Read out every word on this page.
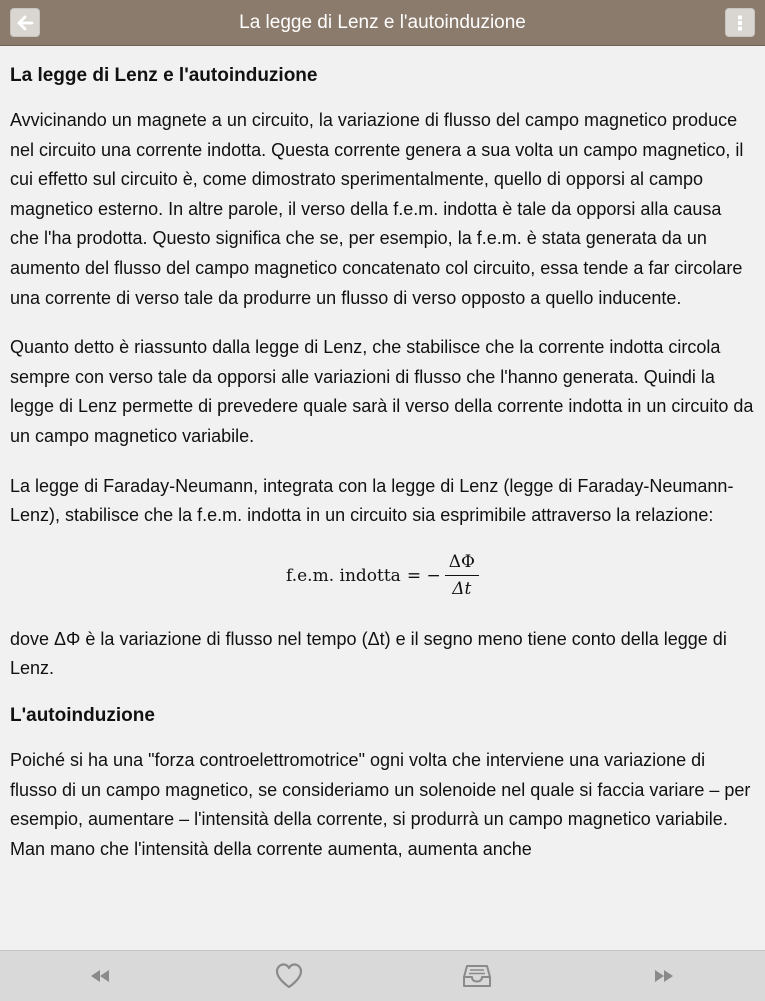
La legge di Lenz e l'autoinduzione
La legge di Lenz e l'autoinduzione

Avvicinando un magnete a un circuito, la variazione di flusso del campo magnetico produce nel circuito una corrente indotta. Questa corrente genera a sua volta un campo magnetico, il cui effetto sul circuito è, come dimostrato sperimentalmente, quello di opporsi al campo magnetico esterno. In altre parole, il verso della f.e.m. indotta è tale da opporsi alla causa che l'ha prodotta. Questo significa che se, per esempio, la f.e.m. è stata generata da un aumento del flusso del campo magnetico concatenato col circuito, essa tende a far circolare una corrente di verso tale da produrre un flusso di verso opposto a quello inducente.

Quanto detto è riassunto dalla legge di Lenz, che stabilisce che la corrente indotta circola sempre con verso tale da opporsi alle variazioni di flusso che l'hanno generata. Quindi la legge di Lenz permette di prevedere quale sarà il verso della corrente indotta in un circuito da un campo magnetico variabile.

La legge di Faraday-Neumann, integrata con la legge di Lenz (legge di Faraday-Neumann-Lenz), stabilisce che la f.e.m. indotta in un circuito sia esprimibile attraverso la relazione:

f.e.m. indotta = − $\frac{\Delta\Phi}{\Delta t}$

dove ΔΦ è la variazione di flusso nel tempo (Δt) e il segno meno tiene conto della legge di Lenz.

L'autoinduzione

Poiché si ha una "forza controelettromotrice" ogni volta che interviene una variazione di flusso di un campo magnetico, se consideriamo un solenoide nel quale si faccia variare – per esempio, aumentare – l'intensità della corrente, si produrrà un campo magnetico variabile. Man mano che l'intensità della corrente aumenta, aumenta anche
